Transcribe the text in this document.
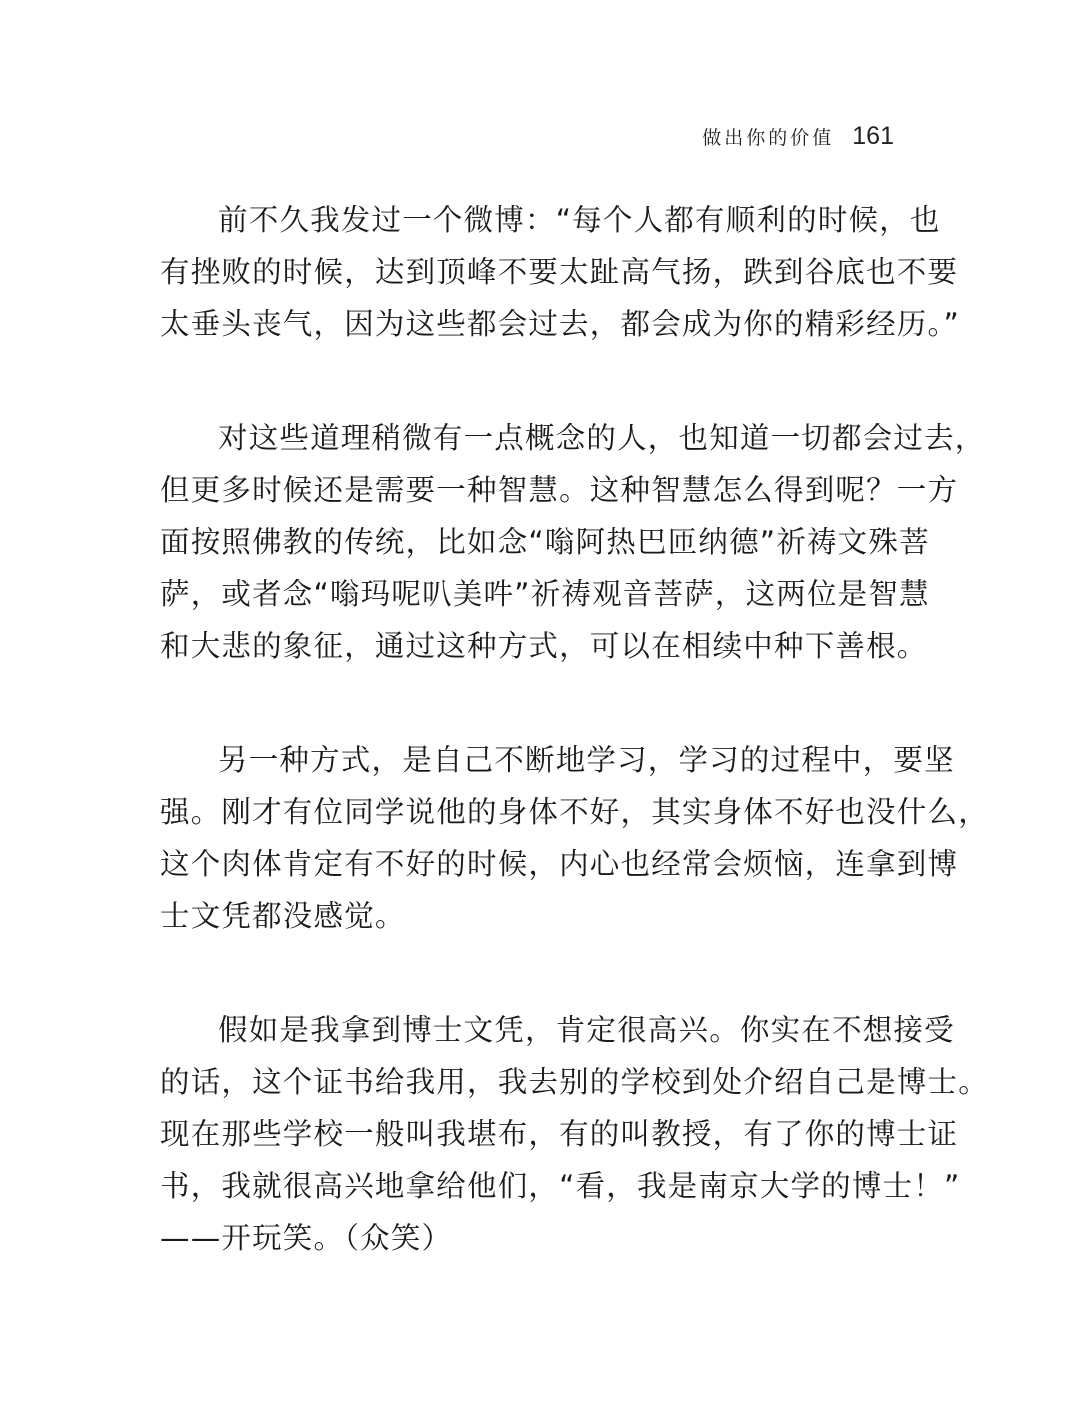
做出你的价值 161

前不久我发过一个微博：“每个人都有顺利的时候，也
有挫败的时候，达到顶峰不要太趾高气扬，跌到谷底也不要
太垂头丧气，因为这些都会过去，都会成为你的精彩经历。”

对这些道理稍微有一点概念的人，也知道一切都会过去，
但更多时候还是需要一种智慧。这种智慧怎么得到呢？一方
面按照佛教的传统，比如念“嗡阿热巴匝纳德”祈祷文殊菩
萨，或者念“嗡玛呢叭美吽”祈祷观音菩萨，这两位是智慧
和大悲的象征，通过这种方式，可以在相续中种下善根。

另一种方式，是自己不断地学习，学习的过程中，要坚
强。刚才有位同学说他的身体不好，其实身体不好也没什么，
这个肉体肯定有不好的时候，内心也经常会烦恼，连拿到博
士文凭都没感觉。

假如是我拿到博士文凭，肯定很高兴。你实在不想接受
的话，这个证书给我用，我去别的学校到处介绍自己是博士。
现在那些学校一般叫我堪布，有的叫教授，有了你的博士证
书，我就很高兴地拿给他们，“看，我是南京大学的博士！”
——开玩笑。（众笑）
